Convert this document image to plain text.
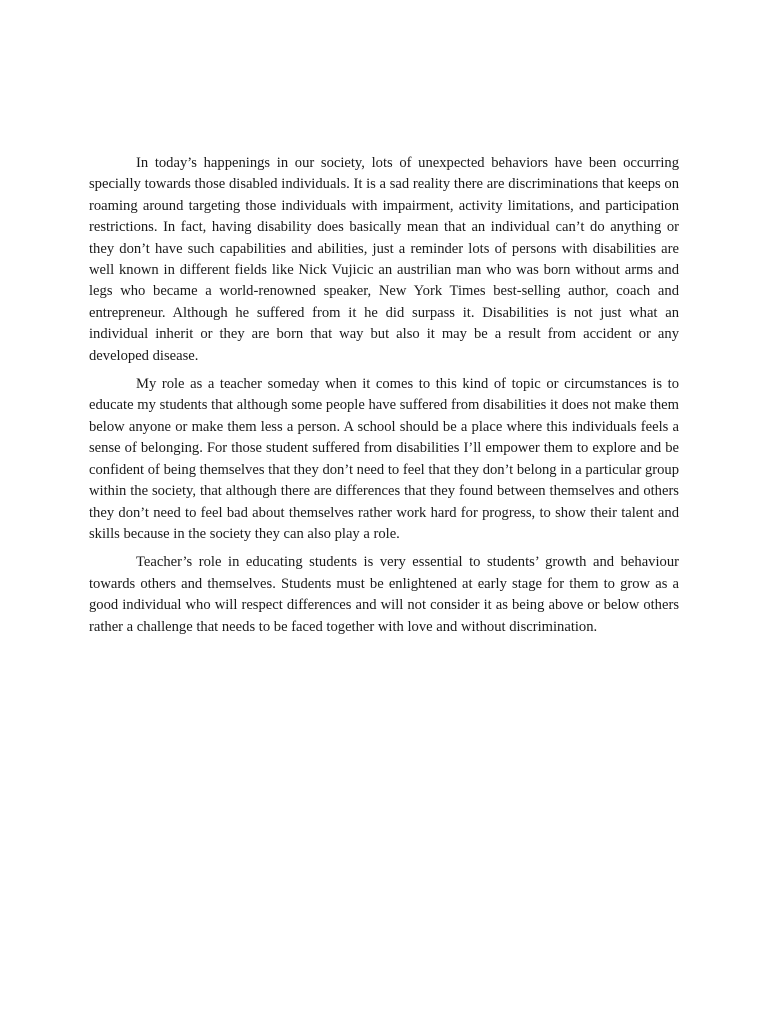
In today’s happenings in our society, lots of unexpected behaviors have been occurring specially towards those disabled individuals. It is a sad reality there are discriminations that keeps on roaming around targeting those individuals with impairment, activity limitations, and participation restrictions. In fact, having disability does basically mean that an individual can’t do anything or they don’t have such capabilities and abilities, just a reminder lots of persons with disabilities are well known in different fields like Nick Vujicic an austrilian man who was born without arms and legs who became a world-renowned speaker, New York Times best-selling author, coach and entrepreneur. Although he suffered from it he did surpass it. Disabilities is not just what an individual inherit or they are born that way but also it may be a result from accident or any developed disease.

My role as a teacher someday when it comes to this kind of topic or circumstances is to educate my students that although some people have suffered from disabilities it does not make them below anyone or make them less a person. A school should be a place where this individuals feels a sense of belonging. For those student suffered from disabilities I’ll empower them to explore and be confident of being themselves that they don’t need to feel that they don’t belong in a particular group within the society, that although there are differences that they found between themselves and others they don’t need to feel bad about themselves rather work hard for progress, to show their talent and skills because in the society they can also play a role.

Teacher’s role in educating students is very essential to students’ growth and behaviour towards others and themselves. Students must be enlightened at early stage for them to grow as a good individual who will respect differences and will not consider it as being above or below others rather a challenge that needs to be faced together with love and without discrimination.
